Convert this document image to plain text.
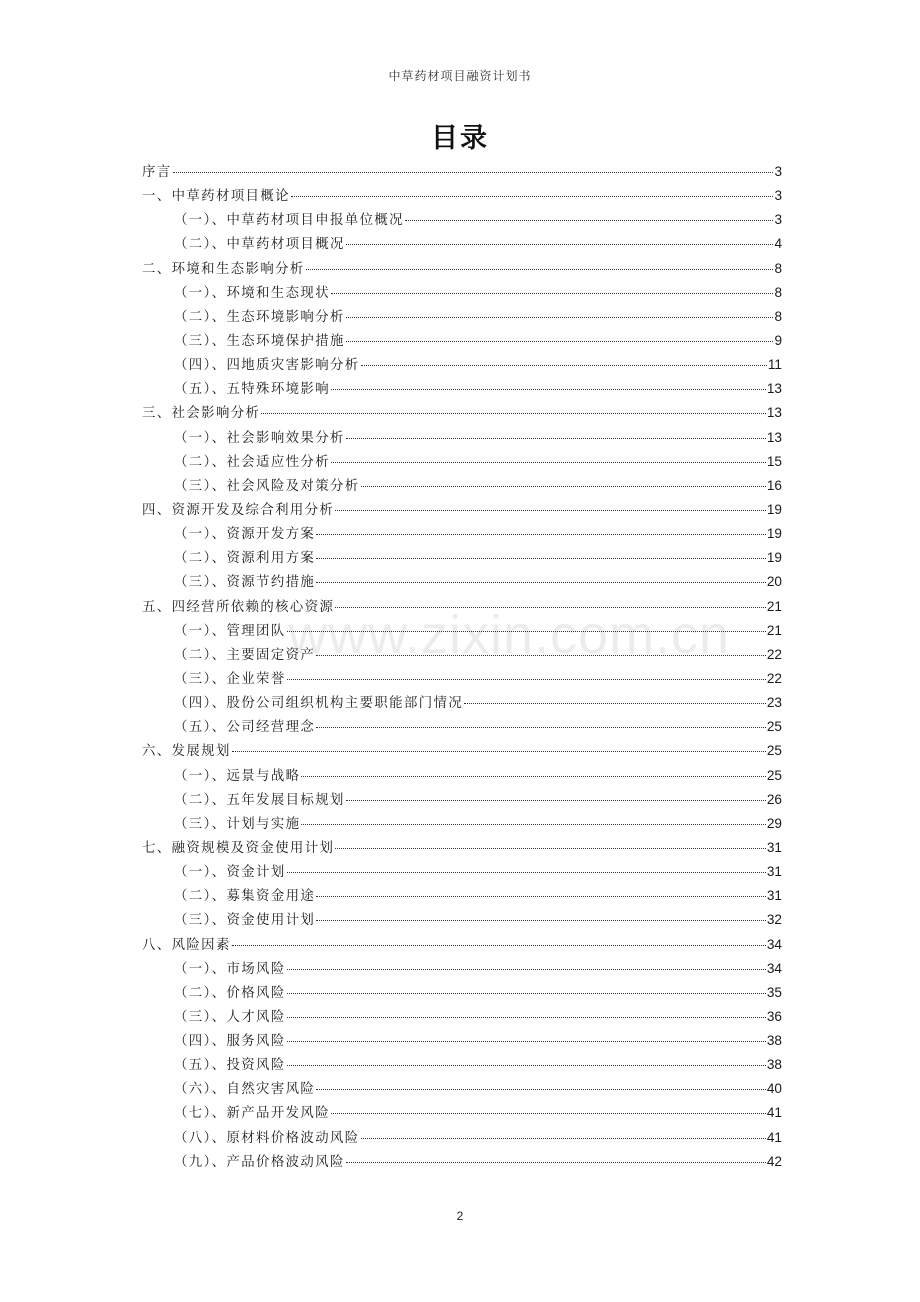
中草药材项目融资计划书
目录
www.zixin.com.cn
序言	3
一、中草药材项目概论	3
（一）、中草药材项目申报单位概况	3
（二）、中草药材项目概况	4
二、环境和生态影响分析	8
（一）、环境和生态现状	8
（二）、生态环境影响分析	8
（三）、生态环境保护措施	9
（四）、四地质灾害影响分析	11
（五）、五特殊环境影响	13
三、社会影响分析	13
（一）、社会影响效果分析	13
（二）、社会适应性分析	15
（三）、社会风险及对策分析	16
四、资源开发及综合利用分析	19
（一）、资源开发方案	19
（二）、资源利用方案	19
（三）、资源节约措施	20
五、四经营所依赖的核心资源	21
（一）、管理团队	21
（二）、主要固定资产	22
（三）、企业荣誉	22
（四）、股份公司组织机构主要职能部门情况	23
（五）、公司经营理念	25
六、发展规划	25
（一）、远景与战略	25
（二）、五年发展目标规划	26
（三）、计划与实施	29
七、融资规模及资金使用计划	31
（一）、资金计划	31
（二）、募集资金用途	31
（三）、资金使用计划	32
八、风险因素	34
（一）、市场风险	34
（二）、价格风险	35
（三）、人才风险	36
（四）、服务风险	38
（五）、投资风险	38
（六）、自然灾害风险	40
（七）、新产品开发风险	41
（八）、原材料价格波动风险	41
（九）、产品价格波动风险	42
2
